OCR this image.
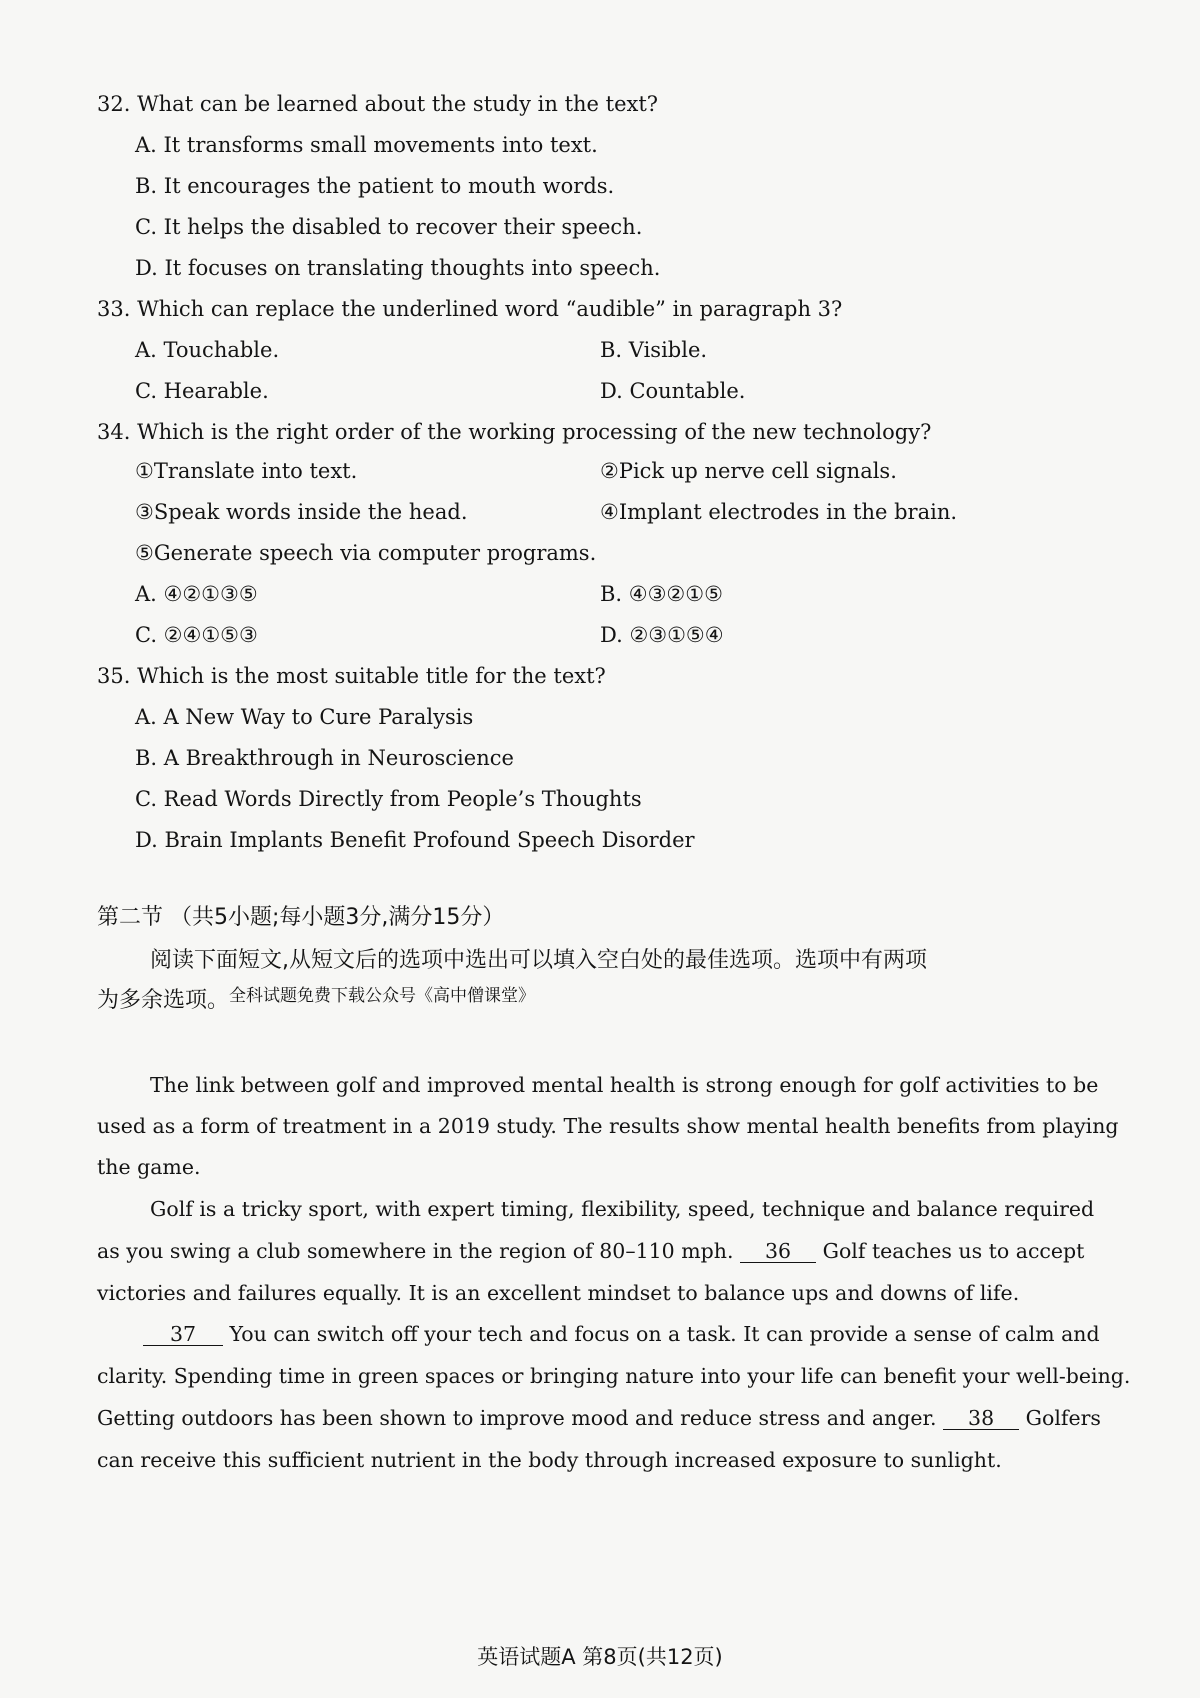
32. What can be learned about the study in the text?
A. It transforms small movements into text.
B. It encourages the patient to mouth words.
C. It helps the disabled to recover their speech.
D. It focuses on translating thoughts into speech.
33. Which can replace the underlined word “audible” in paragraph 3?
A. Touchable.	B. Visible.
C. Hearable.	D. Countable.
34. Which is the right order of the working processing of the new technology?
①Translate into text.	②Pick up nerve cell signals.
③Speak words inside the head.	④Implant electrodes in the brain.
⑤Generate speech via computer programs.
A. ④②①③⑤	B. ④③②①⑤
C. ②④①⑤③	D. ②③①⑤④
35. Which is the most suitable title for the text?
A. A New Way to Cure Paralysis
B. A Breakthrough in Neuroscience
C. Read Words Directly from People’s Thoughts
D. Brain Implants Benefit Profound Speech Disorder
第二节 （共5小题;每小题3分,满分15分）
阅读下面短文,从短文后的选项中选出可以填入空白处的最佳选项。选项中有两项
为多余选项。$^{全科试题免费下载公众号《高中僧课堂》}$
The link between golf and improved mental health is strong enough for golf activities to be
used as a form of treatment in a 2019 study. The results show mental health benefits from playing
the game.
Golf is a tricky sport, with expert timing, flexibility, speed, technique and balance required
as you swing a club somewhere in the region of 80–110 mph. 36 Golf teaches us to accept
victories and failures equally. It is an excellent mindset to balance ups and downs of life.
37 You can switch off your tech and focus on a task. It can provide a sense of calm and
clarity. Spending time in green spaces or bringing nature into your life can benefit your well-being.
Getting outdoors has been shown to improve mood and reduce stress and anger. 38 Golfers
can receive this sufficient nutrient in the body through increased exposure to sunlight.
英语试题A 第8页(共12页)
